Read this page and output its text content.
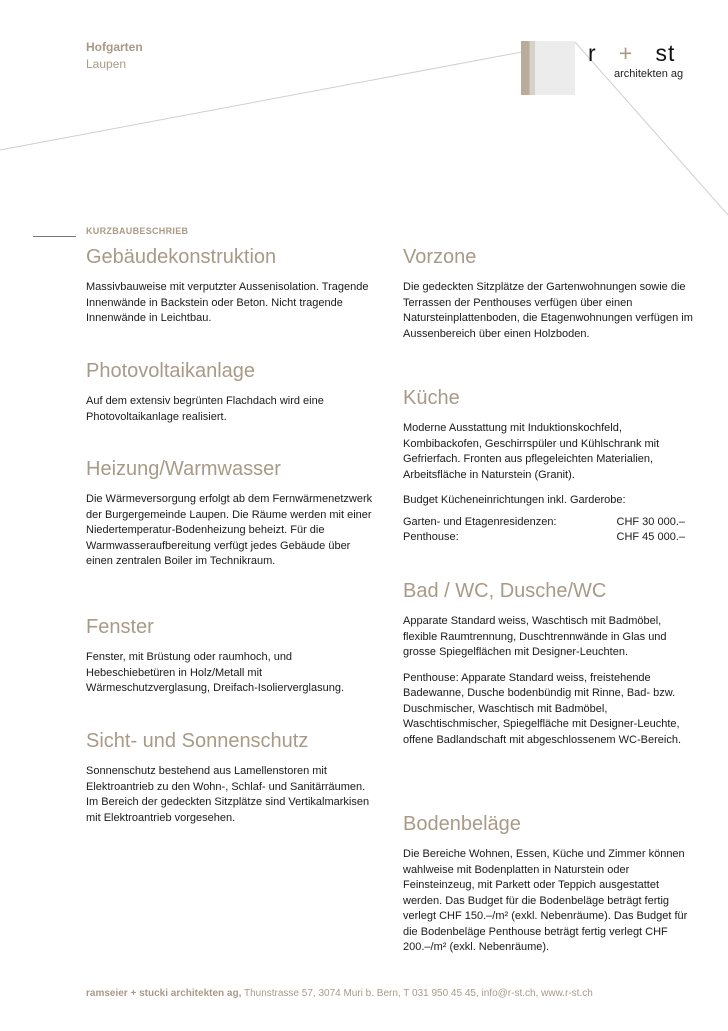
Hofgarten
Laupen	r + st
architekten ag
KURZBAUBESCHRIEB
Gebäudekonstruktion

Massivbauweise mit verputzter Aussenisolation. Tragende Innenwände in Backstein oder Beton. Nicht tragende Innenwände in Leichtbau.

Photovoltaikanlage

Auf dem extensiv begrünten Flachdach wird eine Photovoltaikanlage realisiert.

Heizung/Warmwasser

Die Wärmeversorgung erfolgt ab dem Fernwärmenetzwerk der Burgergemeinde Laupen. Die Räume werden mit einer Niedertemperatur-Bodenheizung beheizt. Für die Warmwasseraufbereitung verfügt jedes Gebäude über einen zentralen Boiler im Technikraum.

Fenster

Fenster, mit Brüstung oder raumhoch, und Hebeschiebetüren in Holz/Metall mit Wärmeschutzverglasung, Dreifach-Isolierverglasung.

Sicht- und Sonnenschutz

Sonnenschutz bestehend aus Lamellenstoren mit Elektroantrieb zu den Wohn-, Schlaf- und Sanitärräumen. Im Bereich der gedeckten Sitzplätze sind Vertikalmarkisen mit Elektroantrieb vorgesehen.

Vorzone

Die gedeckten Sitzplätze der Gartenwohnungen sowie die Terrassen der Penthouses verfügen über einen Natursteinplattenboden, die Etagenwohnungen verfügen im Aussenbereich über einen Holzboden.

Küche

Moderne Ausstattung mit Induktionskochfeld, Kombibackofen, Geschirrspüler und Kühlschrank mit Gefrierfach. Fronten aus pflegeleichten Materialien, Arbeitsfläche in Naturstein (Granit).

Budget Kücheneinrichtungen inkl. Garderobe:

Garten- und Etagenresidenzen:	CHF 30 000.–
Penthouse:	CHF 45 000.–
Bad / WC, Dusche/WC

Apparate Standard weiss, Waschtisch mit Badmöbel, flexible Raumtrennung, Duschtrennwände in Glas und grosse Spiegelflächen mit Designer-Leuchten.

Penthouse: Apparate Standard weiss, freistehende Badewanne, Dusche bodenbündig mit Rinne, Bad- bzw. Duschmischer, Waschtisch mit Badmöbel, Waschtischmischer, Spiegelfläche mit Designer-Leuchte, offene Badlandschaft mit abgeschlossenem WC-Bereich.

Bodenbeläge

Die Bereiche Wohnen, Essen, Küche und Zimmer können wahlweise mit Bodenplatten in Naturstein oder Feinsteinzeug, mit Parkett oder Teppich ausgestattet werden. Das Budget für die Bodenbeläge beträgt fertig verlegt CHF 150.–/m² (exkl. Nebenräume). Das Budget für die Bodenbeläge Penthouse beträgt fertig verlegt CHF 200.–/m² (exkl. Nebenräume).

ramseier + stucki architekten ag, Thunstrasse 57, 3074 Muri b. Bern, T 031 950 45 45, info@r-st.ch, www.r-st.ch
